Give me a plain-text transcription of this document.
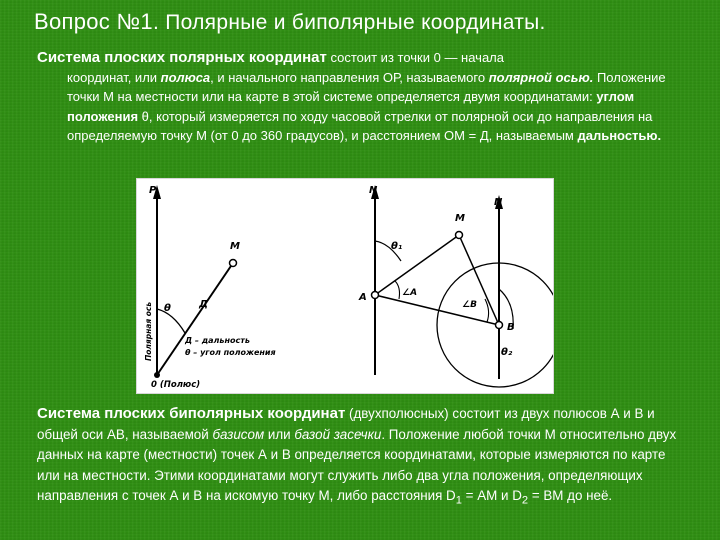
Вопрос №1. Полярные и биполярные координаты.
Система плоских полярных координат состоит из точки 0 — начала

координат, или полюса, и начального направления ОР, называемого полярной осью. Положение точки М на местности или на карте в этой системе определяется двумя координатами: углом положения θ, который измеряется по ходу часовой стрелки от полярной оси до направления на определяемую точку М (от 0 до 360 градусов), и расстоянием ОМ = Д, называемым дальностью.
P
M
Д
θ
Полярная ось	Д – дальность
θ – угол положения
0 (Полюс)
N
N
M
θ₁
A	∠A
∠B
B
θ₂
Система плоских биполярных координат (двухполюсных) состоит из двух полюсов А и В и общей оси АВ, называемой базисом или базой засечки. Положение любой точки М относительно двух данных на карте (местности) точек А и В определяется координатами, которые измеряются по карте или на местности. Этими координатами могут служить либо два угла положения, определяющих направления с точек А и В на искомую точку М, либо расстояния $D_1$ = АМ и $D_2$ = ВМ до неё.
